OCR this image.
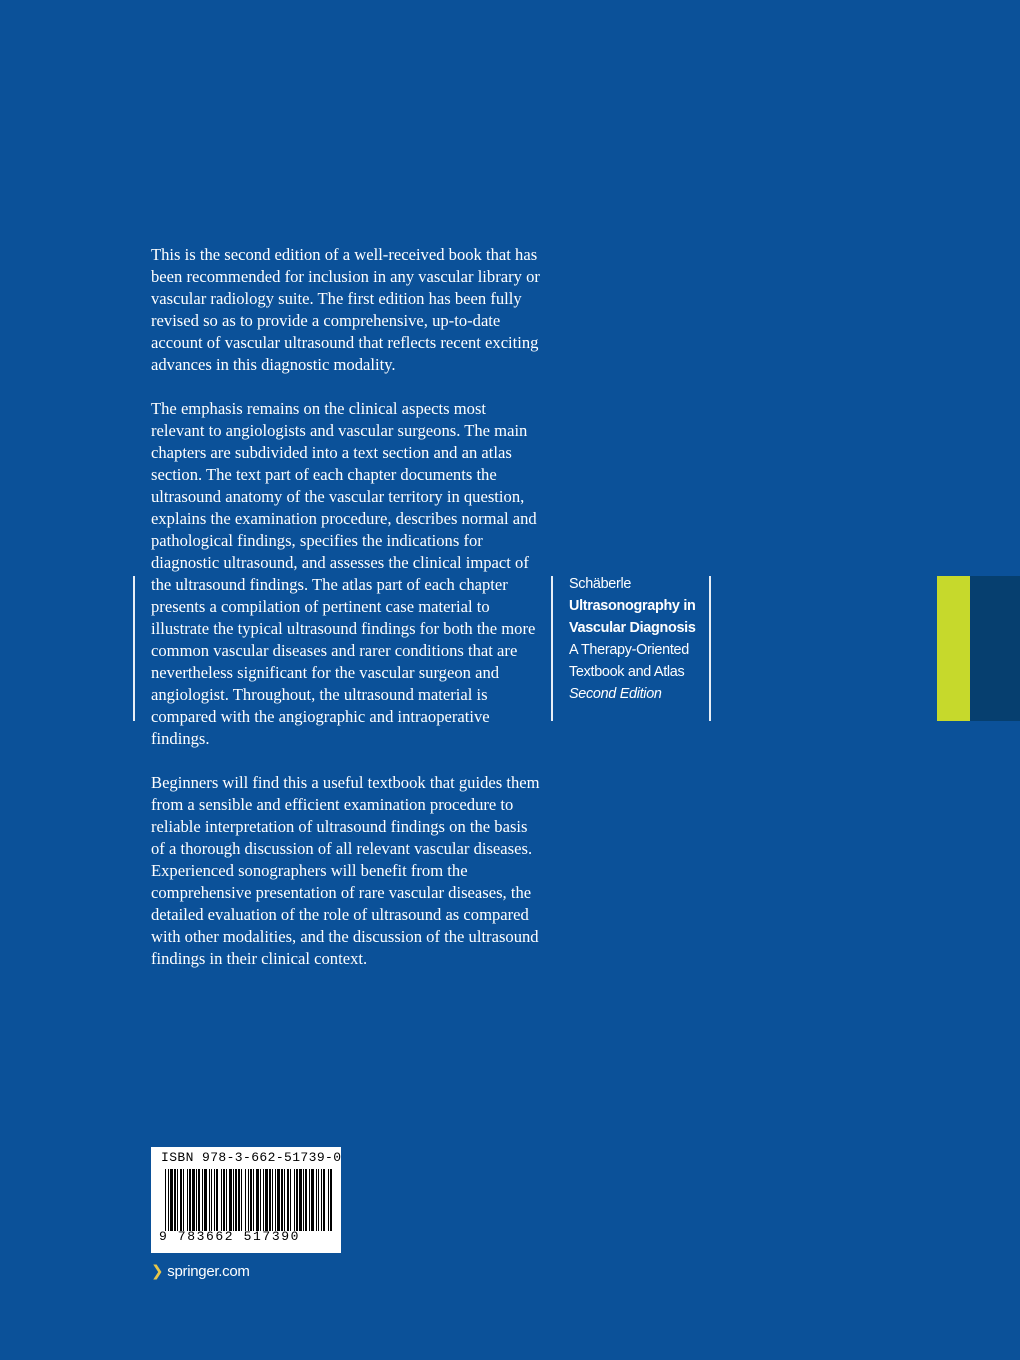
This is the second edition of a well-received book that has been recommended for inclusion in any vascular library or vascular radiology suite. The first edition has been fully revised so as to provide a comprehensive, up-to-date account of vascular ultrasound that reflects recent exciting advances in this diagnostic modality.

The emphasis remains on the clinical aspects most relevant to angiologists and vascular surgeons. The main chapters are subdivided into a text section and an atlas section. The text part of each chapter documents the ultrasound anatomy of the vascular territory in question, explains the examination procedure, describes normal and pathological findings, specifies the indications for diagnostic ultrasound, and assesses the clinical impact of the ultrasound findings. The atlas part of each chapter presents a compilation of pertinent case material to illustrate the typical ultrasound findings for both the more common vascular diseases and rarer conditions that are nevertheless significant for the vascular surgeon and angiologist. Throughout, the ultrasound material is compared with the angiographic and intraoperative findings.

Beginners will find this a useful textbook that guides them from a sensible and efficient examination procedure to reliable interpretation of ultrasound findings on the basis of a thorough discussion of all relevant vascular diseases. Experienced sonographers will benefit from the comprehensive presentation of rare vascular diseases, the detailed evaluation of the role of ultrasound as compared with other modalities, and the discussion of the ultrasound findings in their clinical context.

Schäberle
Ultrasonography in
Vascular Diagnosis
A Therapy-Oriented
Textbook and Atlas
Second Edition
ISBN 978-3-662-51739-0
9 783662 517390
❯ springer.com
